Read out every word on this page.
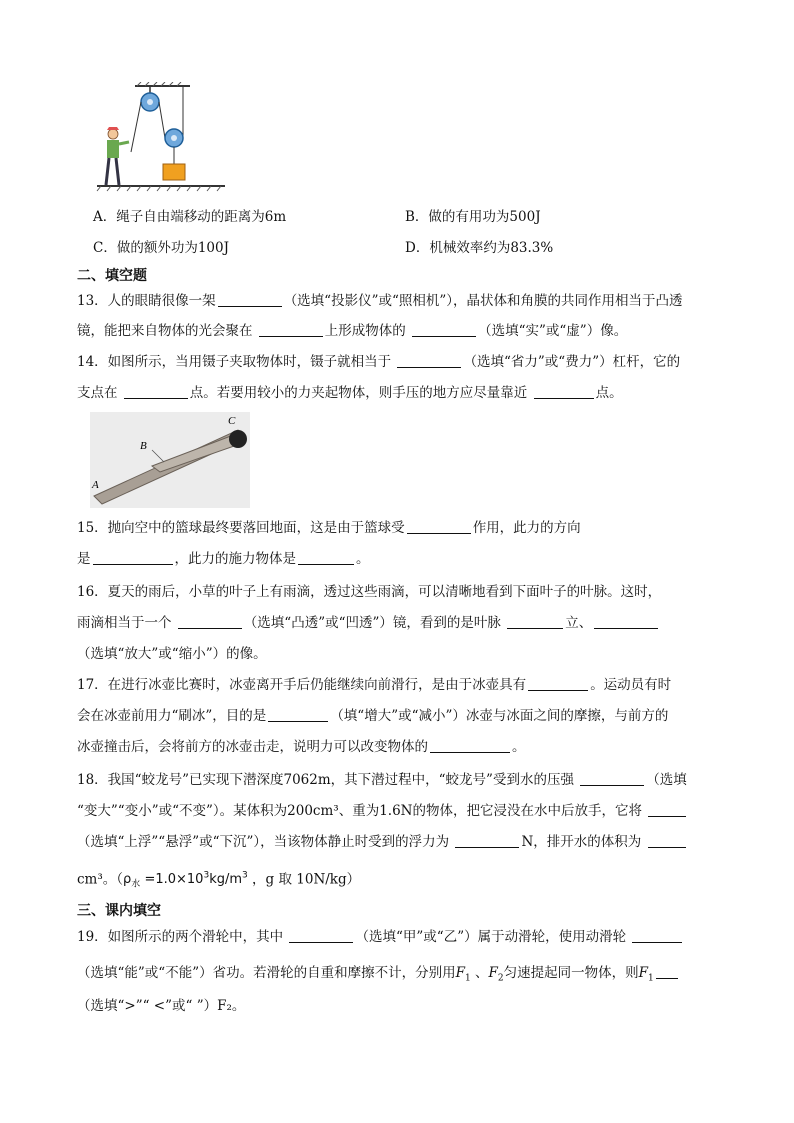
A．绳子自由端移动的距离为6m	B．做的有用功为500J
C．做的额外功为100J	D．机械效率约为83.3%
二、填空题
13．人的眼睛很像一架	（选填“投影仪”或“照相机”），晶状体和角膜的共同作用相当于凸透
镜，能把来自物体的光会聚在	上形成物体的	（选填“实”或“虚”）像。
14．如图所示，当用镊子夹取物体时，镊子就相当于	（选填“省力”或“费力”）杠杆，它的
支点在	点。若要用较小的力夹起物体，则手压的地方应尽量靠近	点。
A
B
C
15．抛向空中的篮球最终要落回地面，这是由于篮球受	作用，此力的方向
是	，此力的施力物体是	。
16．夏天的雨后，小草的叶子上有雨滴，透过这些雨滴，可以清晰地看到下面叶子的叶脉。这时，
雨滴相当于一个	（选填“凸透”或“凹透”）镜，看到的是叶脉	立、
（选填“放大”或“缩小”）的像。
17．在进行冰壶比赛时，冰壶离开手后仍能继续向前滑行，是由于冰壶具有	。运动员有时
会在冰壶前用力“刷冰”，目的是	（填“增大”或“减小”）冰壶与冰面之间的摩擦，与前方的
冰壶撞击后，会将前方的冰壶击走，说明力可以改变物体的	。
18．我国“蛟龙号”已实现下潜深度7062m，其下潜过程中，“蛟龙号”受到水的压强	（选填
“变大”“变小”或“不变”）。某体积为200cm³、重为1.6N的物体，把它浸没在水中后放手，它将
（选填“上浮”“悬浮”或“下沉”），当该物体静止时受到的浮力为	N，排开水的体积为
cm³。（$\rho_水 =1.0\times 10^3kg/m^3$ ，g 取 10N/kg）
三、课内填空
19．如图所示的两个滑轮中，其中	（选填“甲”或“乙”）属于动滑轮，使用动滑轮
（选填“能”或“不能”）省功。若滑轮的自重和摩擦不计，分别用$F_1$ 、$F_2$匀速提起同一物体，则$F_1$
（选填“>”“ <”或“ ”）F₂。
